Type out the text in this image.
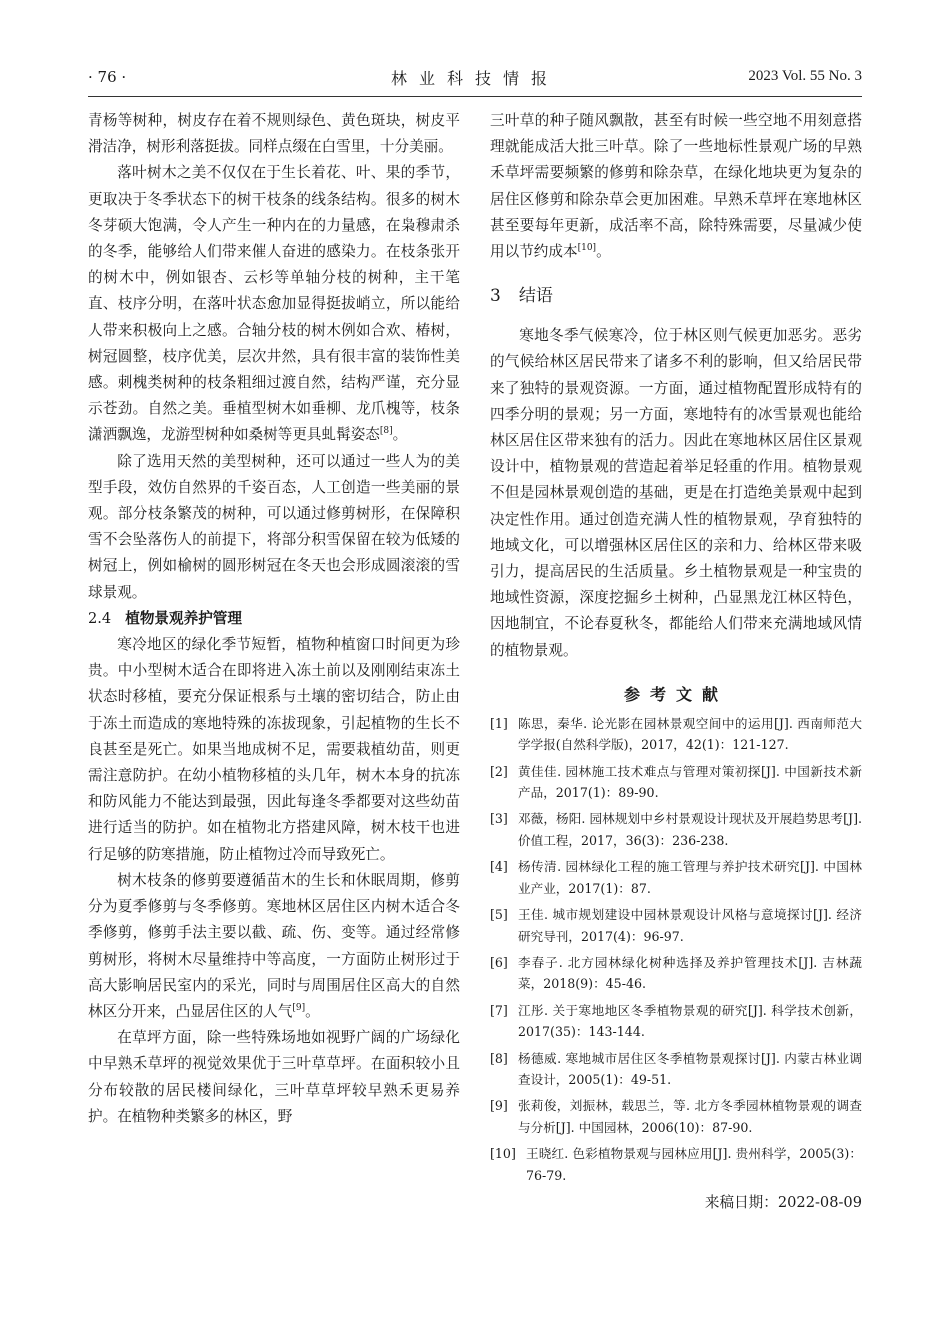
· 76 ·	林业科技情报	2023 Vol. 55 No. 3

青杨等树种，树皮存在着不规则绿色、黄色斑块，树皮平滑洁净，树形利落挺拔。同样点缀在白雪里，十分美丽。

落叶树木之美不仅仅在于生长着花、叶、果的季节，更取决于冬季状态下的树干枝条的线条结构。很多的树木冬芽硕大饱满，令人产生一种内在的力量感，在枭穆肃杀的冬季，能够给人们带来催人奋进的感染力。在枝条张开的树木中，例如银杏、云杉等单轴分枝的树种，主干笔直、枝序分明，在落叶状态愈加显得挺拔峭立，所以能给人带来积极向上之感。合轴分枝的树木例如合欢、椿树，树冠圆整，枝序优美，层次井然，具有很丰富的装饰性美感。刺槐类树种的枝条粗细过渡自然，结构严谨，充分显示苍劲。自然之美。垂植型树木如垂柳、龙爪槐等，枝条潇洒飘逸，龙游型树种如桑树等更具虬髯姿态[8]。

除了选用天然的美型树种，还可以通过一些人为的美型手段，效仿自然界的千姿百态，人工创造一些美丽的景观。部分枝条繁茂的树种，可以通过修剪树形，在保障积雪不会坠落伤人的前提下，将部分积雪保留在较为低矮的树冠上，例如榆树的圆形树冠在冬天也会形成圆滚滚的雪球景观。

2.4 植物景观养护管理

寒冷地区的绿化季节短暂，植物种植窗口时间更为珍贵。中小型树木适合在即将进入冻土前以及刚刚结束冻土状态时移植，要充分保证根系与土壤的密切结合，防止由于冻土而造成的寒地特殊的冻拔现象，引起植物的生长不良甚至是死亡。如果当地成树不足，需要栽植幼苗，则更需注意防护。在幼小植物移植的头几年，树木本身的抗冻和防风能力不能达到最强，因此每逢冬季都要对这些幼苗进行适当的防护。如在植物北方搭建风障，树木枝干也进行足够的防寒措施，防止植物过冷而导致死亡。

树木枝条的修剪要遵循苗木的生长和休眠周期，修剪分为夏季修剪与冬季修剪。寒地林区居住区内树木适合冬季修剪，修剪手法主要以截、疏、伤、变等。通过经常修剪树形，将树木尽量维持中等高度，一方面防止树形过于高大影响居民室内的采光，同时与周围居住区高大的自然林区分开来，凸显居住区的人气[9]。

在草坪方面，除一些特殊场地如视野广阔的广场绿化中早熟禾草坪的视觉效果优于三叶草草坪。在面积较小且分布较散的居民楼间绿化，三叶草草坪较早熟禾更易养护。在植物种类繁多的林区，野

三叶草的种子随风飘散，甚至有时候一些空地不用刻意搭理就能成活大批三叶草。除了一些地标性景观广场的早熟禾草坪需要频繁的修剪和除杂草，在绿化地块更为复杂的居住区修剪和除杂草会更加困难。早熟禾草坪在寒地林区甚至要每年更新，成活率不高，除特殊需要，尽量减少使用以节约成本[10]。

3 结语

寒地冬季气候寒冷，位于林区则气候更加恶劣。恶劣的气候给林区居民带来了诸多不利的影响，但又给居民带来了独特的景观资源。一方面，通过植物配置形成特有的四季分明的景观；另一方面，寒地特有的冰雪景观也能给林区居住区带来独有的活力。因此在寒地林区居住区景观设计中，植物景观的营造起着举足轻重的作用。植物景观不但是园林景观创造的基础，更是在打造绝美景观中起到决定性作用。通过创造充满人性的植物景观，孕育独特的地域文化，可以增强林区居住区的亲和力、给林区带来吸引力，提高居民的生活质量。乡土植物景观是一种宝贵的地域性资源，深度挖掘乡土树种，凸显黑龙江林区特色，因地制宜，不论春夏秋冬，都能给人们带来充满地域风情的植物景观。

参考文献
[1] 陈思，秦华. 论光影在园林景观空间中的运用[J]. 西南师范大学学报(自然科学版)，2017，42(1)：121-127.
[2] 黄佳佳. 园林施工技术难点与管理对策初探[J]. 中国新技术新产品，2017(1)：89-90.
[3] 邓薇，杨阳. 园林规划中乡村景观设计现状及开展趋势思考[J]. 价值工程，2017，36(3)：236-238.
[4] 杨传清. 园林绿化工程的施工管理与养护技术研究[J]. 中国林业产业，2017(1)：87.
[5] 王佳. 城市规划建设中园林景观设计风格与意境探讨[J]. 经济研究导刊，2017(4)：96-97.
[6] 李春子. 北方园林绿化树种选择及养护管理技术[J]. 吉林蔬菜，2018(9)：45-46.
[7] 江彤. 关于寒地地区冬季植物景观的研究[J]. 科学技术创新，2017(35)：143-144.
[8] 杨德威. 寒地城市居住区冬季植物景观探讨[J]. 内蒙古林业调查设计，2005(1)：49-51.
[9] 张莉俊，刘振林，载思兰，等. 北方冬季园林植物景观的调查与分析[J]. 中国园林，2006(10)：87-90.
[10] 王晓红. 色彩植物景观与园林应用[J]. 贵州科学，2005(3)：76-79.
来稿日期：2022-08-09
